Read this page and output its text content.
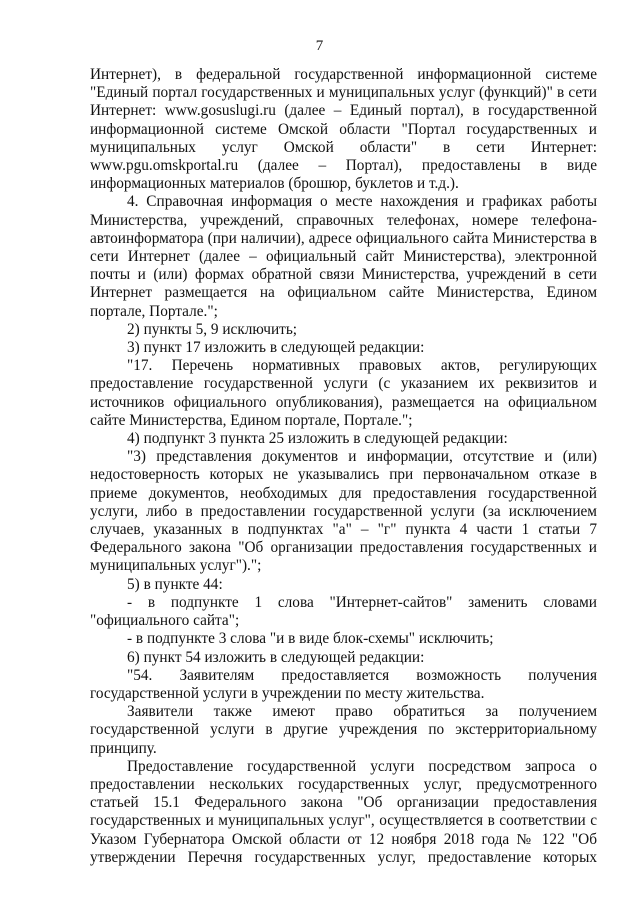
7

Интернет), в федеральной государственной информационной системе "Единый портал государственных и муниципальных услуг (функций)" в сети Интернет: www.gosuslugi.ru (далее – Единый портал), в государственной информационной системе Омской области "Портал государственных и муниципальных услуг Омской области" в сети Интернет: www.pgu.omskportal.ru (далее – Портал), предоставлены в виде информационных материалов (брошюр, буклетов и т.д.).

4. Справочная информация о месте нахождения и графиках работы Министерства, учреждений, справочных телефонах, номере телефона-автоинформатора (при наличии), адресе официального сайта Министерства в сети Интернет (далее – официальный сайт Министерства), электронной почты и (или) формах обратной связи Министерства, учреждений в сети Интернет размещается на официальном сайте Министерства, Едином портале, Портале.";

2) пункты 5, 9 исключить;

3) пункт 17 изложить в следующей редакции:

"17. Перечень нормативных правовых актов, регулирующих предоставление государственной услуги (с указанием их реквизитов и источников официального опубликования), размещается на официальном сайте Министерства, Едином портале, Портале.";

4) подпункт 3 пункта 25 изложить в следующей редакции:

"3) представления документов и информации, отсутствие и (или) недостоверность которых не указывались при первоначальном отказе в приеме документов, необходимых для предоставления государственной услуги, либо в предоставлении государственной услуги (за исключением случаев, указанных в подпунктах "а" – "г" пункта 4 части 1 статьи 7 Федерального закона "Об организации предоставления государственных и муниципальных услуг").";

5) в пункте 44:

- в подпункте 1 слова "Интернет-сайтов" заменить словами "официального сайта";

- в подпункте 3 слова "и в виде блок-схемы" исключить;

6) пункт 54 изложить в следующей редакции:

"54. Заявителям предоставляется возможность получения государственной услуги в учреждении по месту жительства.

Заявители также имеют право обратиться за получением государственной услуги в другие учреждения по экстерриториальному принципу.

Предоставление государственной услуги посредством запроса о предоставлении нескольких государственных услуг, предусмотренного статьей 15.1 Федерального закона "Об организации предоставления государственных и муниципальных услуг", осуществляется в соответствии с Указом Губернатора Омской области от 12 ноября 2018 года № 122 "Об утверждении Перечня государственных услуг, предоставление которых
